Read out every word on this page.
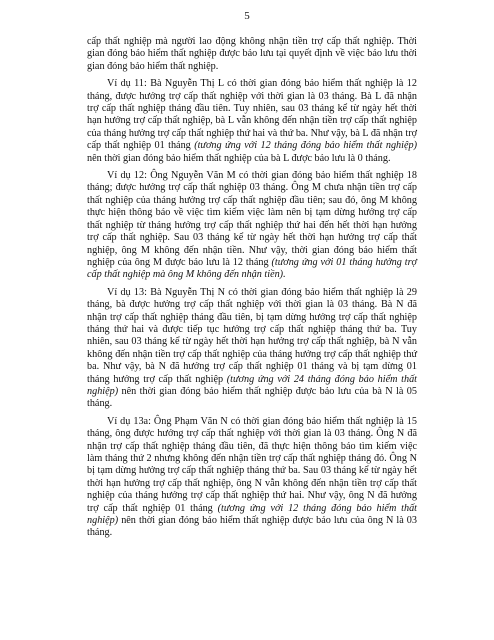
5

cấp thất nghiệp mà người lao động không nhận tiền trợ cấp thất nghiệp. Thời gian đóng bảo hiểm thất nghiệp được bảo lưu tại quyết định về việc bảo lưu thời gian đóng bảo hiểm thất nghiệp.

Ví dụ 11: Bà Nguyễn Thị L có thời gian đóng bảo hiểm thất nghiệp là 12 tháng, được hưởng trợ cấp thất nghiệp với thời gian là 03 tháng. Bà L đã nhận trợ cấp thất nghiệp tháng đầu tiên. Tuy nhiên, sau 03 tháng kể từ ngày hết thời hạn hưởng trợ cấp thất nghiệp, bà L vẫn không đến nhận tiền trợ cấp thất nghiệp của tháng hưởng trợ cấp thất nghiệp thứ hai và thứ ba. Như vậy, bà L đã nhận trợ cấp thất nghiệp 01 tháng (tương ứng với 12 tháng đóng bảo hiểm thất nghiệp) nên thời gian đóng bảo hiểm thất nghiệp của bà L được bảo lưu là 0 tháng.

Ví dụ 12: Ông Nguyễn Văn M có thời gian đóng bảo hiểm thất nghiệp 18 tháng; được hưởng trợ cấp thất nghiệp 03 tháng. Ông M chưa nhận tiền trợ cấp thất nghiệp của tháng hưởng trợ cấp thất nghiệp đầu tiên; sau đó, ông M không thực hiện thông báo về việc tìm kiếm việc làm nên bị tạm dừng hưởng trợ cấp thất nghiệp từ tháng hưởng trợ cấp thất nghiệp thứ hai đến hết thời hạn hưởng trợ cấp thất nghiệp. Sau 03 tháng kể từ ngày hết thời hạn hưởng trợ cấp thất nghiệp, ông M không đến nhận tiền. Như vậy, thời gian đóng bảo hiểm thất nghiệp của ông M được bảo lưu là 12 tháng (tương ứng với 01 tháng hưởng trợ cấp thất nghiệp mà ông M không đến nhận tiền).

Ví dụ 13: Bà Nguyễn Thị N có thời gian đóng bảo hiểm thất nghiệp là 29 tháng, bà được hưởng trợ cấp thất nghiệp với thời gian là 03 tháng. Bà N đã nhận trợ cấp thất nghiệp tháng đầu tiên, bị tạm dừng hưởng trợ cấp thất nghiệp tháng thứ hai và được tiếp tục hưởng trợ cấp thất nghiệp tháng thứ ba. Tuy nhiên, sau 03 tháng kể từ ngày hết thời hạn hưởng trợ cấp thất nghiệp, bà N vẫn không đến nhận tiền trợ cấp thất nghiệp của tháng hưởng trợ cấp thất nghiệp thứ ba. Như vậy, bà N đã hưởng trợ cấp thất nghiệp 01 tháng và bị tạm dừng 01 tháng hưởng trợ cấp thất nghiệp (tương ứng với 24 tháng đóng bảo hiểm thất nghiệp) nên thời gian đóng bảo hiểm thất nghiệp được bảo lưu của bà N là 05 tháng.

Ví dụ 13a: Ông Phạm Văn N có thời gian đóng bảo hiểm thất nghiệp là 15 tháng, ông được hưởng trợ cấp thất nghiệp với thời gian là 03 tháng. Ông N đã nhận trợ cấp thất nghiệp tháng đầu tiên, đã thực hiện thông báo tìm kiếm việc làm tháng thứ 2 nhưng không đến nhận tiền trợ cấp thất nghiệp tháng đó. Ông N bị tạm dừng hưởng trợ cấp thất nghiệp tháng thứ ba. Sau 03 tháng kể từ ngày hết thời hạn hưởng trợ cấp thất nghiệp, ông N vẫn không đến nhận tiền trợ cấp thất nghiệp của tháng hưởng trợ cấp thất nghiệp thứ hai. Như vậy, ông N đã hưởng trợ cấp thất nghiệp 01 tháng (tương ứng với 12 tháng đóng bảo hiểm thất nghiệp) nên thời gian đóng bảo hiểm thất nghiệp được bảo lưu của ông N là 03 tháng.
